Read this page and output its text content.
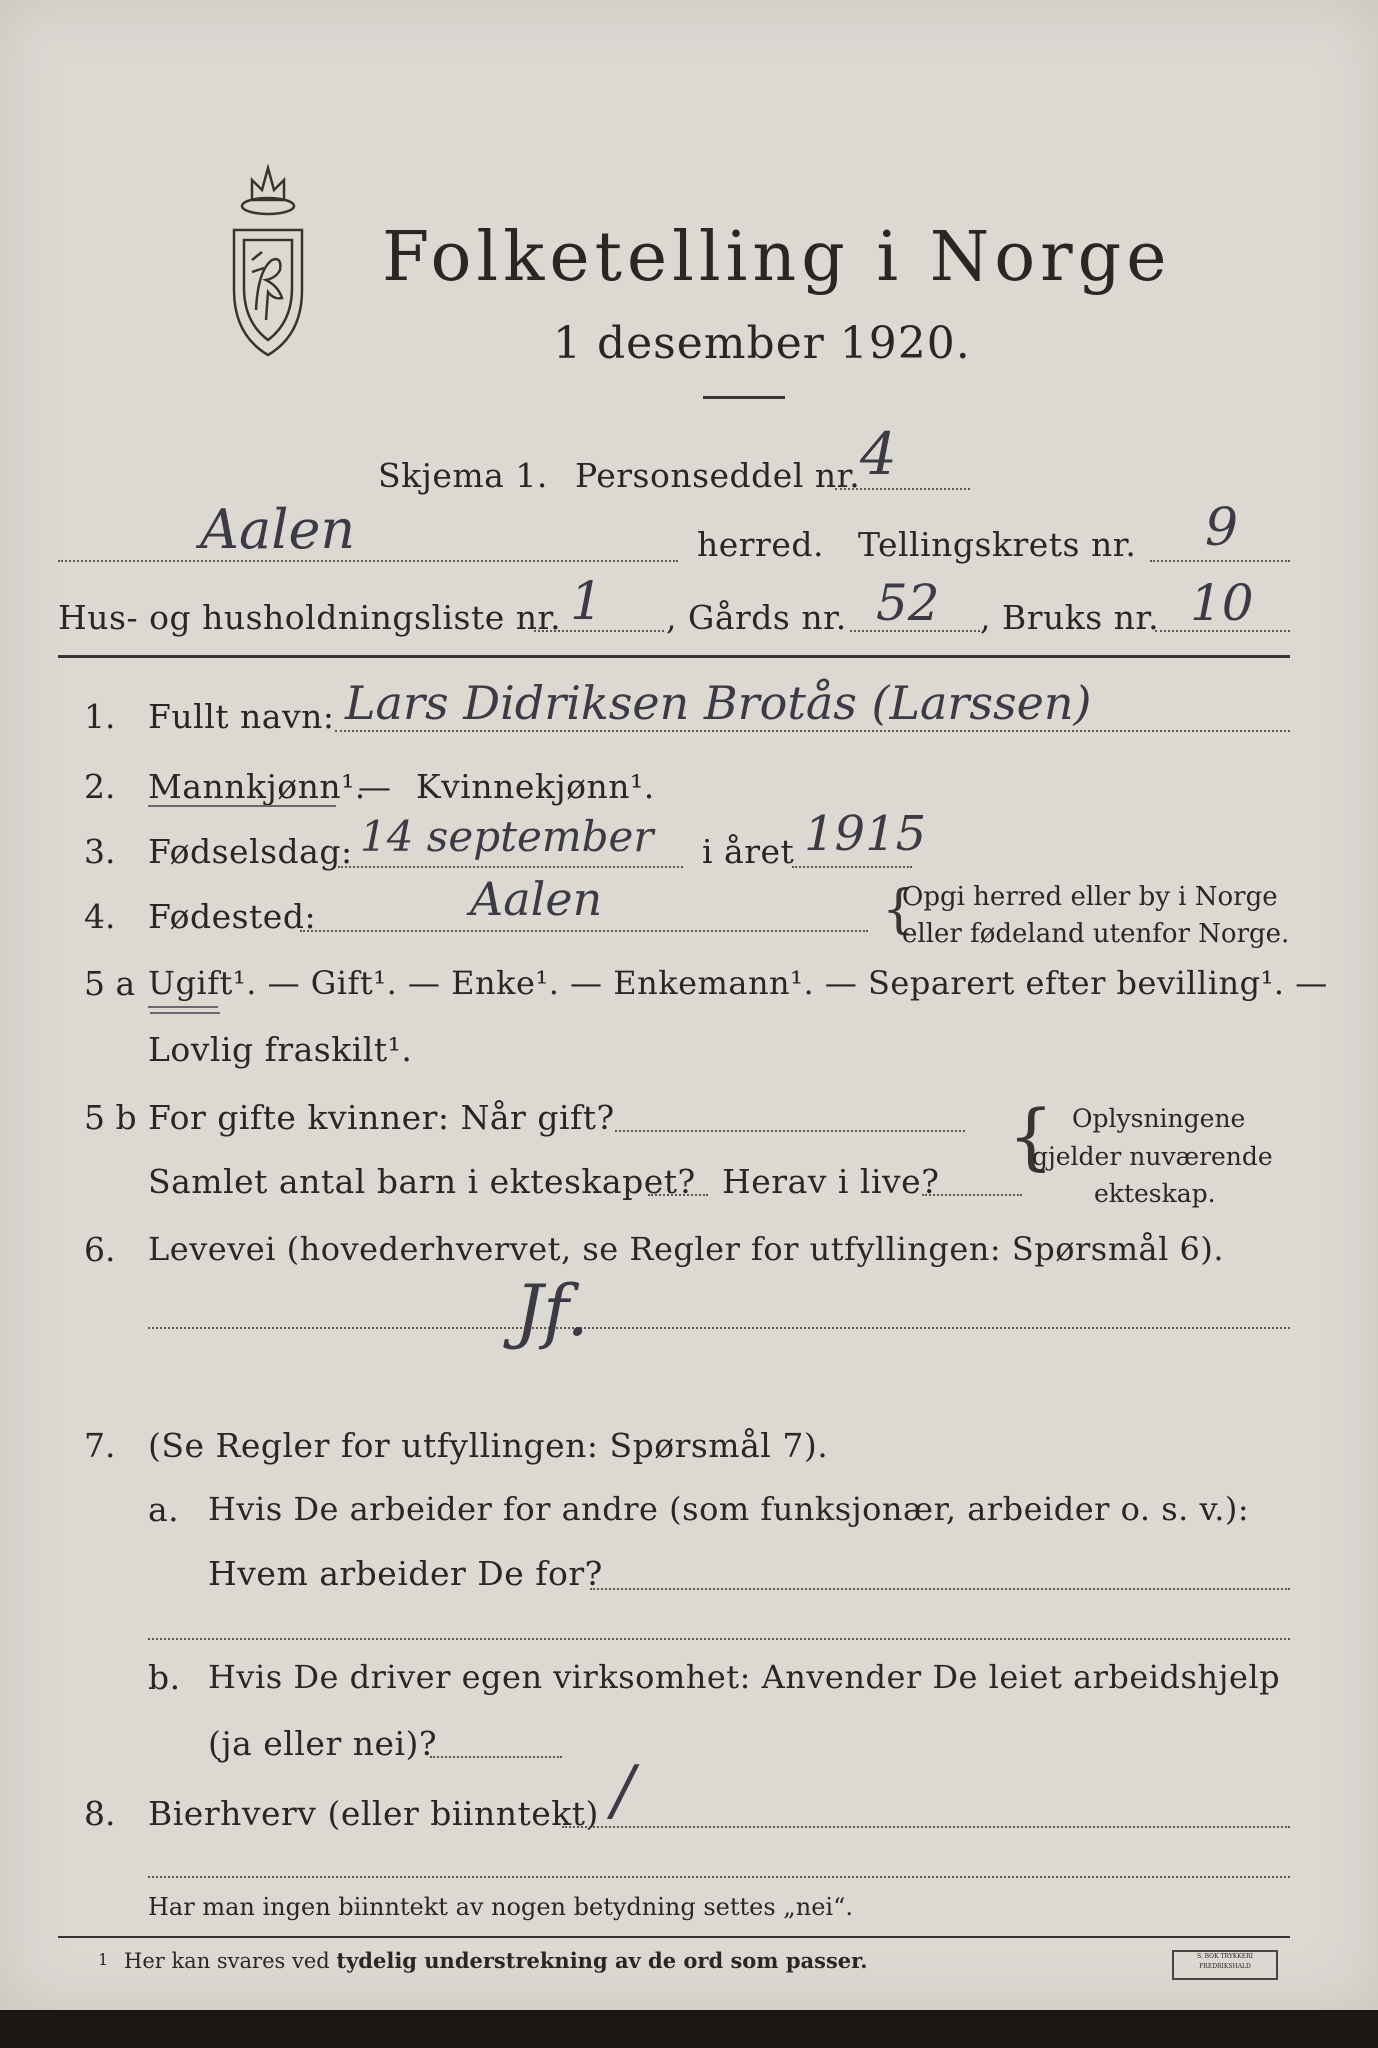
Folketelling i Norge
1 desember 1920.
Skjema 1. Personseddel nr. 4
Aalen	herred. Tellingskrets nr. 9
Hus- og husholdningsliste nr. 1 , Gårds nr. 52 , Bruks nr. 10
1. Fullt navn: Lars Didriksen Brotås (Larssen)
2. Mannkjønn¹.
— Kvinnekjønn¹.
3. Fødselsdag: 14 september i året 1915
4. Fødested:	Aalen	{
Opgi herred eller by i Norge
eller fødeland utenfor Norge.
5 a Ugift¹. — Gift¹. — Enke¹. — Enkemann¹. — Separert efter bevilling¹. —
Lovlig fraskilt¹.
5 b For gifte kvinner: Når gift?
Samlet antal barn i ekteskapet? Herav i live?
{ Oplysningene
gjelder nuværende
ekteskap.
6. Levevei (hovederhvervet, se Regler for utfyllingen: Spørsmål 6).
Jf.
7. (Se Regler for utfyllingen: Spørsmål 7).
a. Hvis De arbeider for andre (som funksjonær, arbeider o. s. v.):
Hvem arbeider De for?
b. Hvis De driver egen virksomhet: Anvender De leiet arbeidshjelp
(ja eller nei)?
8. Bierhverv (eller biinntekt) /
Har man ingen biinntekt av nogen betydning settes „nei“.
1 Her kan svares ved tydelig understrekning av de ord som passer.	S. BOK TRYKKERI FREDRIKSHALD
